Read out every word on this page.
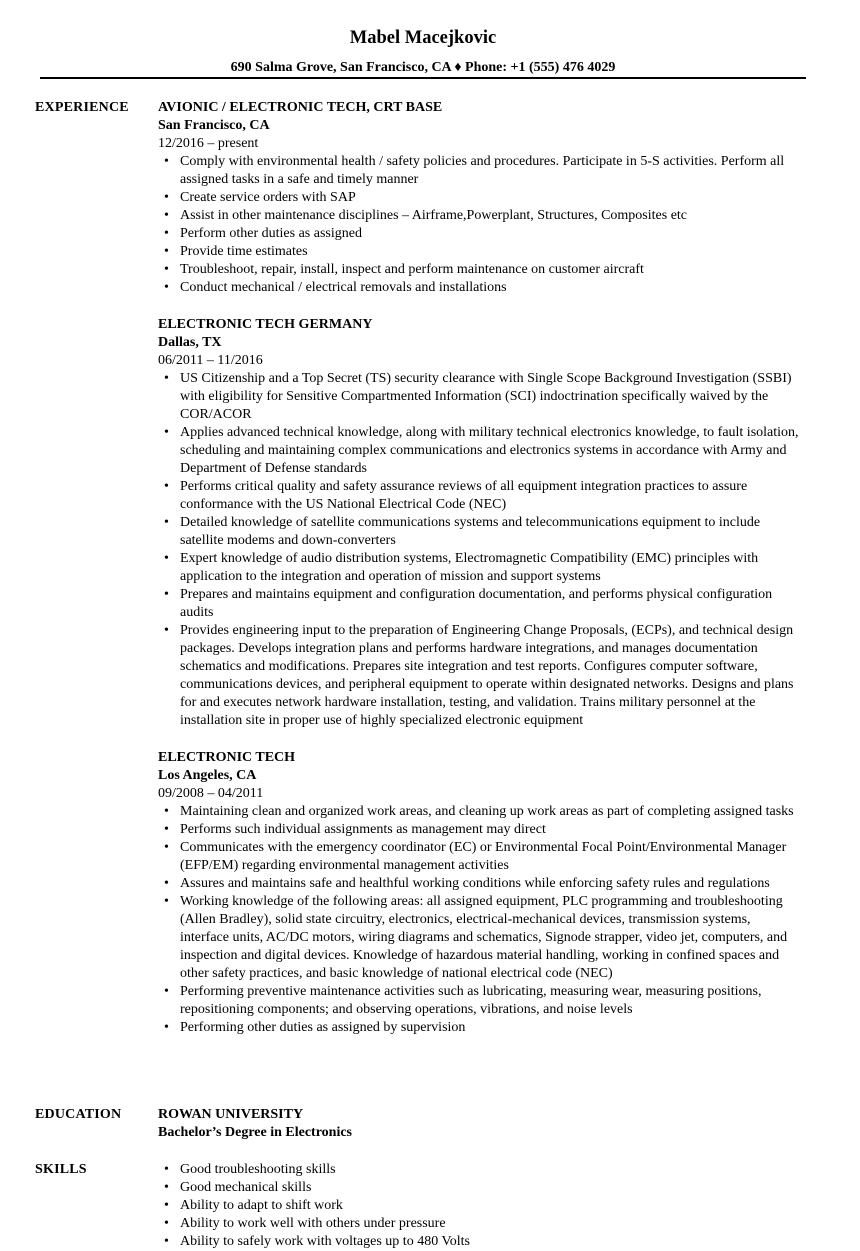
Mabel Macejkovic
690 Salma Grove, San Francisco, CA ♦ Phone: +1 (555) 476 4029
EXPERIENCE	AVIONIC / ELECTRONIC TECH, CRT BASE
San Francisco, CA
12/2016 – present
• Comply with environmental health / safety policies and procedures. Participate in 5-S activities. Perform all assigned tasks in a safe and timely manner
• Create service orders with SAP
• Assist in other maintenance disciplines – Airframe,Powerplant, Structures, Composites etc
• Perform other duties as assigned
• Provide time estimates
• Troubleshoot, repair, install, inspect and perform maintenance on customer aircraft
• Conduct mechanical / electrical removals and installations
ELECTRONIC TECH GERMANY
Dallas, TX
06/2011 – 11/2016
• US Citizenship and a Top Secret (TS) security clearance with Single Scope Background Investigation (SSBI) with eligibility for Sensitive Compartmented Information (SCI) indoctrination specifically waived by the COR/ACOR
• Applies advanced technical knowledge, along with military technical electronics knowledge, to fault isolation, scheduling and maintaining complex communications and electronics systems in accordance with Army and Department of Defense standards
• Performs critical quality and safety assurance reviews of all equipment integration practices to assure conformance with the US National Electrical Code (NEC)
• Detailed knowledge of satellite communications systems and telecommunications equipment to include satellite modems and down-converters
• Expert knowledge of audio distribution systems, Electromagnetic Compatibility (EMC) principles with application to the integration and operation of mission and support systems
• Prepares and maintains equipment and configuration documentation, and performs physical configuration audits
• Provides engineering input to the preparation of Engineering Change Proposals, (ECPs), and technical design packages. Develops integration plans and performs hardware integrations, and manages documentation schematics and modifications. Prepares site integration and test reports. Configures computer software, communications devices, and peripheral equipment to operate within designated networks. Designs and plans for and executes network hardware installation, testing, and validation. Trains military personnel at the installation site in proper use of highly specialized electronic equipment
ELECTRONIC TECH
Los Angeles, CA
09/2008 – 04/2011
• Maintaining clean and organized work areas, and cleaning up work areas as part of completing assigned tasks
• Performs such individual assignments as management may direct
• Communicates with the emergency coordinator (EC) or Environmental Focal Point/Environmental Manager (EFP/EM) regarding environmental management activities
• Assures and maintains safe and healthful working conditions while enforcing safety rules and regulations
• Working knowledge of the following areas: all assigned equipment, PLC programming and troubleshooting (Allen Bradley), solid state circuitry, electronics, electrical-mechanical devices, transmission systems, interface units, AC/DC motors, wiring diagrams and schematics, Signode strapper, video jet, computers, and inspection and digital devices. Knowledge of hazardous material handling, working in confined spaces and other safety practices, and basic knowledge of national electrical code (NEC)
• Performing preventive maintenance activities such as lubricating, measuring wear, measuring positions, repositioning components; and observing operations, vibrations, and noise levels
• Performing other duties as assigned by supervision
EDUCATION	ROWAN UNIVERSITY
Bachelor’s Degree in Electronics
SKILLS
•	Good troubleshooting skills
• Good mechanical skills
• Ability to adapt to shift work
• Ability to work well with others under pressure
• Ability to safely work with voltages up to 480 Volts
